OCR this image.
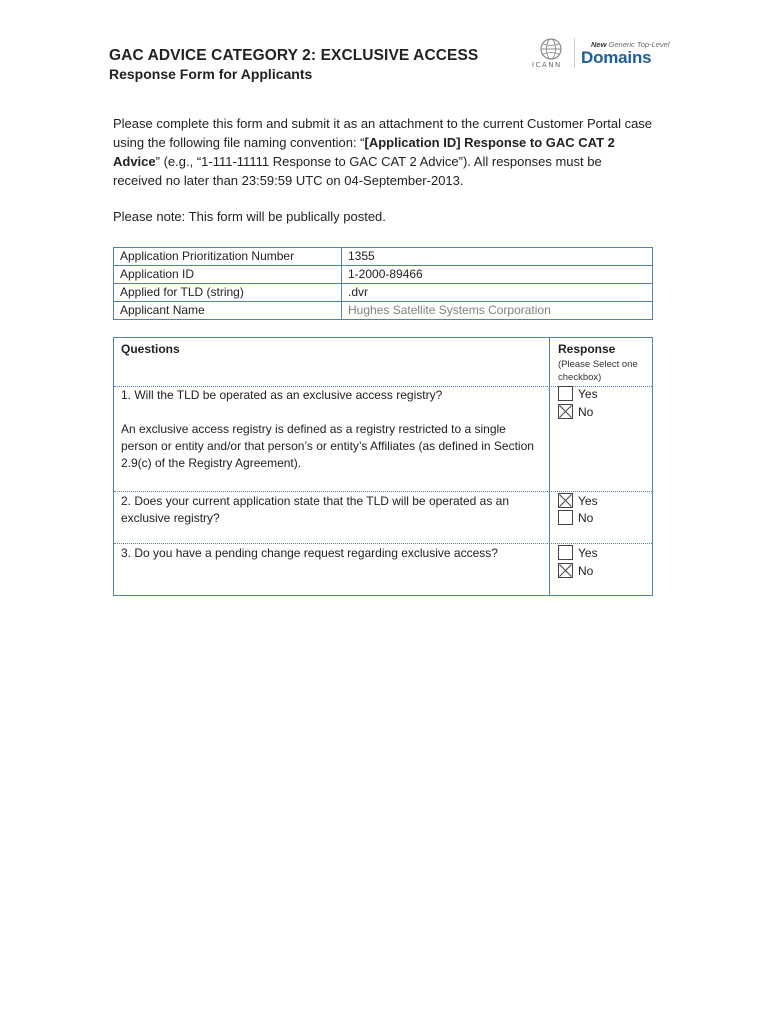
GAC ADVICE CATEGORY 2: EXCLUSIVE ACCESS
Response Form for Applicants
ICANN
New Generic Top-Level
Domains
Please complete this form and submit it as an attachment to the current Customer Portal case using the following file naming convention: “[Application ID] Response to GAC CAT 2 Advice” (e.g., “1-111-11111 Response to GAC CAT 2 Advice”). All responses must be received no later than 23:59:59 UTC on 04-September-2013.
Please note: This form will be publically posted.
Application Prioritization Number	1355
Application ID	1-2000-89466
Applied for TLD (string)	.dvr
Applicant Name	Hughes Satellite Systems Corporation
Questions	Response
(Please Select one checkbox)
1. Will the TLD be operated as an exclusive access registry?
An exclusive access registry is defined as a registry restricted to a single person or entity and/or that person’s or entity’s Affiliates (as defined in Section 2.9(c) of the Registry Agreement).
Yes
No
2. Does your current application state that the TLD will be operated as an exclusive registry?
Yes
No
3. Do you have a pending change request regarding exclusive access?	Yes
No
